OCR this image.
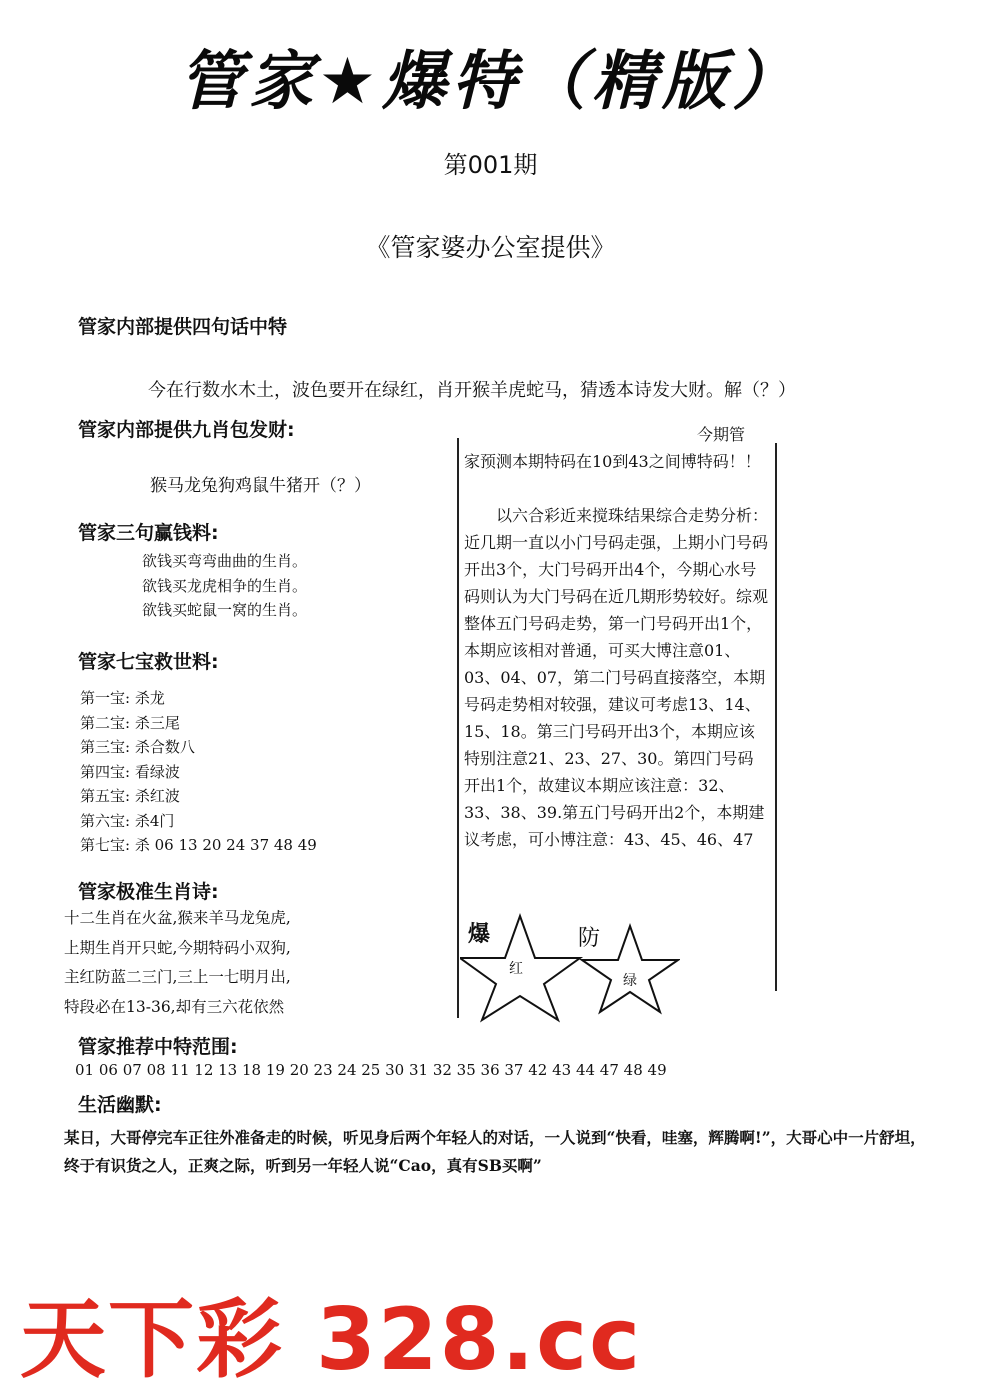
管家★爆特（精版）
第001期
《管家婆办公室提供》
管家内部提供四句话中特
今在行数水木土，波色要开在绿红，肖开猴羊虎蛇马，猜透本诗发大财。解（？）
管家内部提供九肖包发财:
猴马龙兔狗鸡鼠牛猪开（？）
管家三句赢钱料:
欲钱买弯弯曲曲的生肖。
欲钱买龙虎相争的生肖。
欲钱买蛇鼠一窝的生肖。
管家七宝救世料:
第一宝: 杀龙
第二宝: 杀三尾
第三宝: 杀合数八
第四宝: 看绿波
第五宝: 杀红波
第六宝: 杀4门
第七宝: 杀 06 13 20 24 37 48 49
管家极准生肖诗:
十二生肖在火盆,猴来羊马龙兔虎,
上期生肖开只蛇,今期特码小双狗,
主红防蓝二三门,三上一七明月出,
特段必在13-36,却有三六花依然
今期管
家预测本期特码在10到43之间博特码！！
以六合彩近来搅珠结果综合走势分析：近几期一直以小门号码走强，上期小门号码开出3个，大门号码开出4个，今期心水号码则认为大门号码在近几期形势较好。综观整体五门号码走势，第一门号码开出1个，本期应该相对普通，可买大博注意01、03、04、07，第二门号码直接落空，本期号码走势相对较强，建议可考虑13、14、15、18。第三门号码开出3个，本期应该特别注意21、23、27、30。第四门号码开出1个，故建议本期应该注意：32、33、38、39.第五门号码开出2个，本期建议考虑，可小博注意：43、45、46、47
爆	防
红
绿
管家推荐中特范围:
01 06 07 08 11 12 13 18 19 20 23 24 25 30 31 32 35 36 37 42 43 44 47 48 49
生活幽默:
某日，大哥停完车正往外准备走的时候，听见身后两个年轻人的对话，一人说到“快看，哇塞，辉腾啊!”，大哥心中一片舒坦，终于有识货之人，正爽之际，听到另一年轻人说“Cao，真有SB买啊”
天下彩 328.cc
